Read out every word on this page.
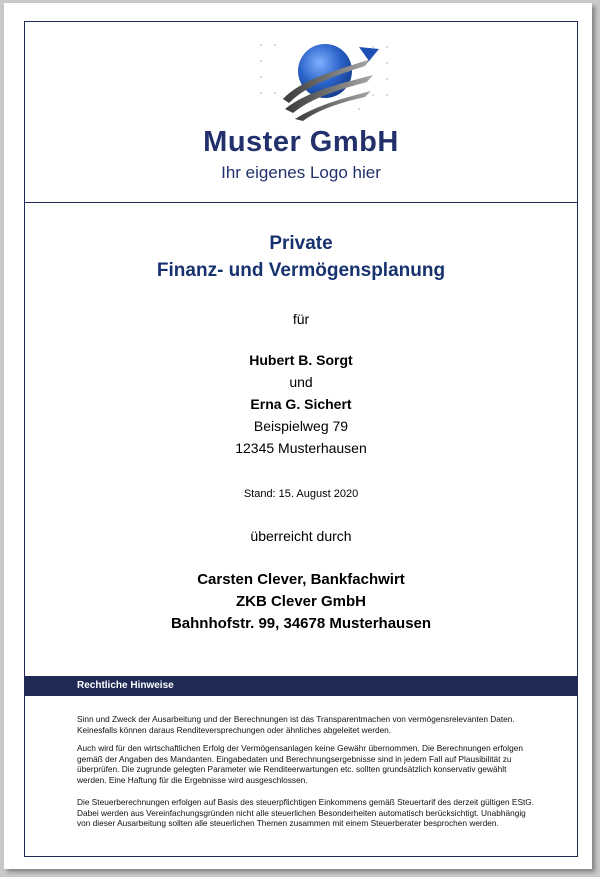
Muster GmbH
Ihr eigenes Logo hier
Private
Finanz- und Vermögensplanung
für
Hubert B. Sorgt
und
Erna G. Sichert
Beispielweg 79
12345 Musterhausen
Stand: 15. August 2020
überreicht durch
Carsten Clever, Bankfachwirt
ZKB Clever GmbH
Bahnhofstr. 99, 34678 Musterhausen
Rechtliche Hinweise
Sinn und Zweck der Ausarbeitung und der Berechnungen ist das Transparentmachen von vermögensrelevanten Daten. Keinesfalls können daraus Renditeversprechungen oder ähnliches abgeleitet werden.
Auch wird für den wirtschaftlichen Erfolg der Vermögensanlagen keine Gewähr übernommen. Die Berechnungen erfolgen gemäß der Angaben des Mandanten. Eingabedaten und Berechnungsergebnisse sind in jedem Fall auf Plausibilität zu überprüfen. Die zugrunde gelegten Parameter wie Renditeerwartungen etc. sollten grundsätzlich konservativ gewählt werden. Eine Haftung für die Ergebnisse wird ausgeschlossen.
Die Steuerberechnungen erfolgen auf Basis des steuerpflichtigen Einkommens gemäß Steuertarif des derzeit gültigen EStG. Dabei werden aus Vereinfachungsgründen nicht alle steuerlichen Besonderheiten automatisch berücksichtigt. Unabhängig von dieser Ausarbeitung sollten alle steuerlichen Themen zusammen mit einem Steuerberater besprochen werden.
